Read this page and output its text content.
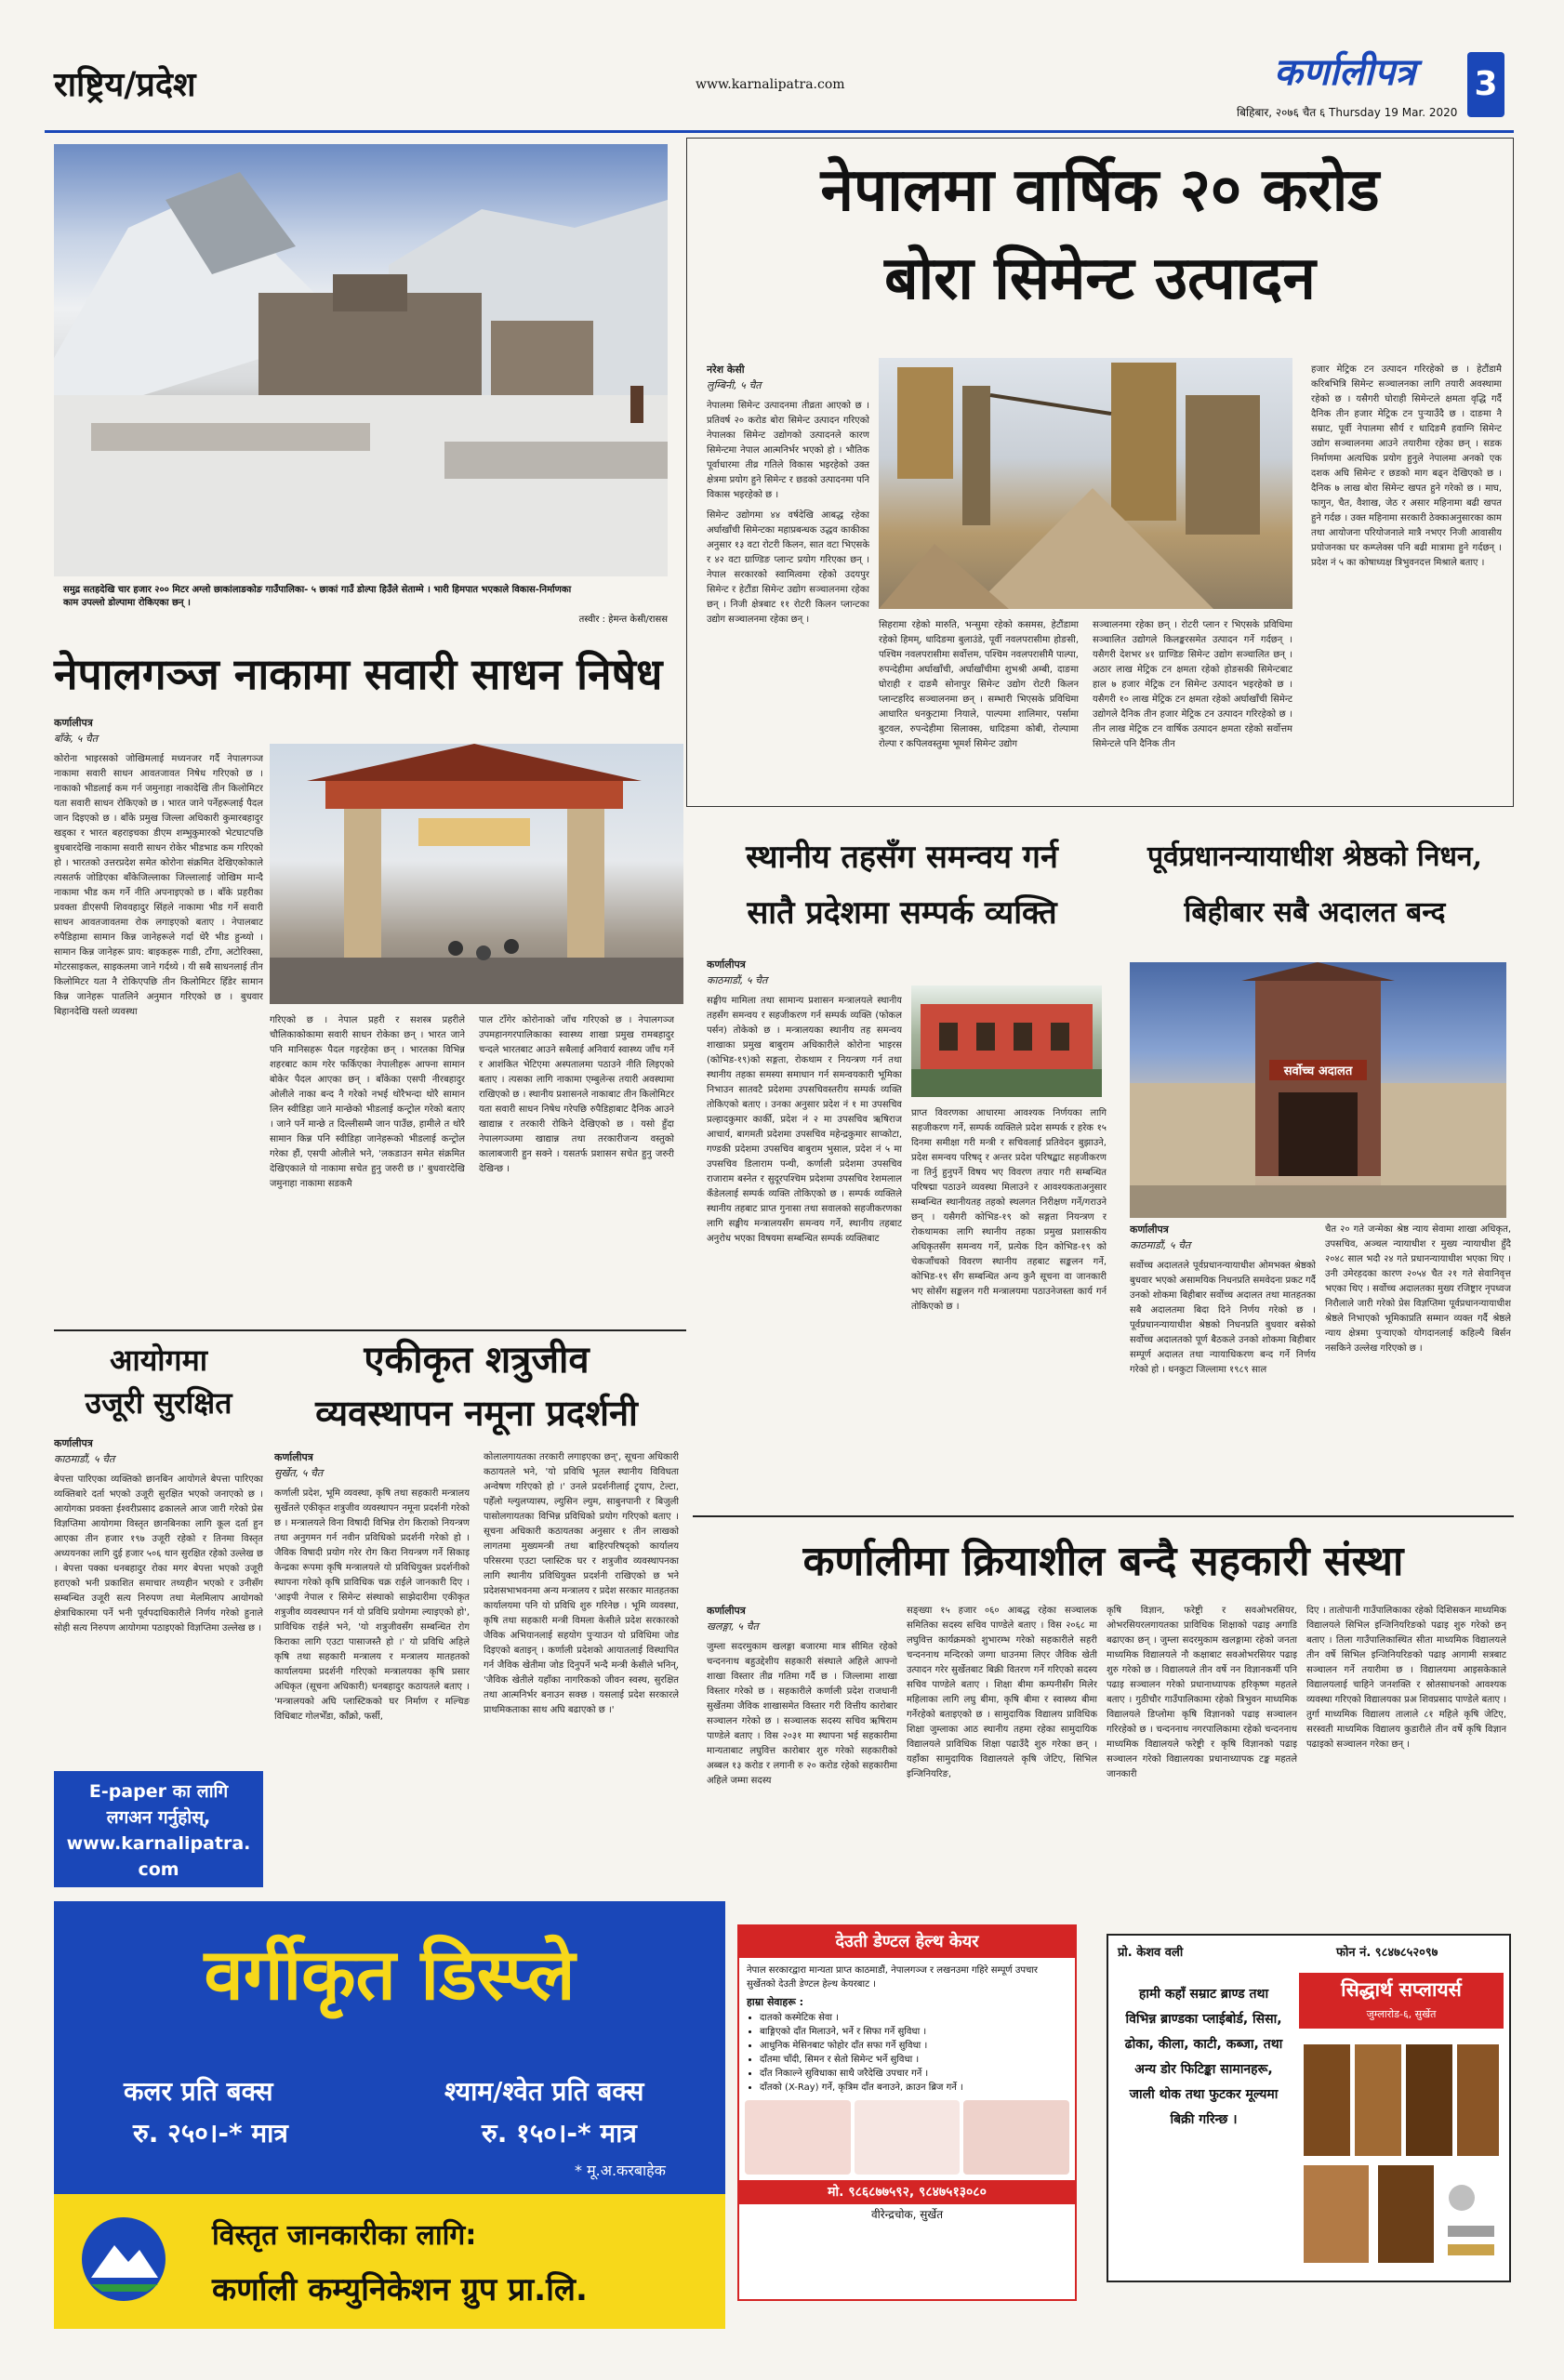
राष्ट्रिय/प्रदेश	www.karnalipatra.com	कर्णालीपत्र
बिहिबार, २०७६ चैत ६ Thursday 19 Mar. 2020
3
समुद्र सतहदेखि चार हजार २०० मिटर अग्लो छाकांलाङकोङ गाउँपालिका- ५ छाकां गाउँ डोल्पा हिउँले सेताम्मे । भारी हिमपात भएकाले विकास-निर्माणका काम उपल्लो डोल्पामा रोकिएका छन् ।
तस्वीर : हेमन्त केसी/रासस
नेपालमा वार्षिक २० करोड
बोरा सिमेन्ट उत्पादन
नरेश केसी
लुम्बिनी, ५ चैत
नेपालमा सिमेन्ट उत्पादनमा तीव्रता आएको छ । प्रतिवर्ष २० करोड बोरा सिमेन्ट उत्पादन गरिएको नेपालका सिमेन्ट उद्योगको उत्पादनले कारण सिमेन्टमा नेपाल आत्मनिर्भर भएको हो । भौतिक पूर्वाधारमा तीव्र गतिले विकास भइरहेको उक्त क्षेत्रमा प्रयोग हुने सिमेन्ट र छडको उत्पादनमा पनि विकास भइरहेको छ ।
सिमेन्ट उद्योगमा ४४ वर्षदेखि आबद्ध रहेका अर्घाखाँची सिमेन्टका महाप्रबन्धक उद्धव काकीका अनुसार १३ वटा रोटरी किलन, सात वटा भिएसके र ४२ वटा ग्राण्डिङ प्लान्ट प्रयोग गरिएका छन् । नेपाल सरकारको स्वामित्वमा रहेको उदयपुर सिमेन्ट र हेटौंडा सिमेन्ट उद्योग सञ्चालनमा रहेका छन् । निजी क्षेत्रबाट ११ रोटरी किलन प्लान्टका उद्योग सञ्चालनमा रहेका छन् ।
सिहरामा रहेको मारुति, भन्सुमा रहेको कसमस, हेटौंडामा रहेको हिमम्, धादिङमा बुलाउंडे, पूर्वी नवलपरासीमा होङसी, पश्चिम नवलपरासीमा सर्वोत्तम, पश्चिम नवलपरासीमै पाल्पा, रुपन्देहीमा अर्घाखाँची, अर्घाखाँचीमा शुभश्री अम्बी, दाङमा घोराही र दाङमै सोनापुर सिमेन्ट उद्योग रोटरी किलन प्लान्टहरिद सञ्चालनमा छन् । सम्भारी भिएसके प्रविधिमा आधारित धनकुटामा नियाले, पाल्पमा शालिमार, पर्सामा बुटवल, रुपन्देहीमा सिलाक्स, धादिङमा कोबी, रोल्पामा रोल्पा र कपिलवस्तुमा भूमर्श सिमेन्ट उद्योग
सञ्चालनमा रहेका छन् । रोटरी प्लान र भिएसके प्रविधिमा सञ्चालित उद्योगले किलङ्करसमेत उत्पादन गर्ने गर्दछन् । यसैगरी देशभर ४१ ग्राण्डिङ सिमेन्ट उद्योग सञ्चालित छन् । अठार लाख मेट्रिक टन क्षमता रहेको होङसकी सिमेन्टबाट हाल ७ हजार मेट्रिक टन सिमेन्ट उत्पादन भइरहेको छ । यसैगरी १० लाख मेट्रिक टन क्षमता रहेको अर्घाखाँची सिमेन्ट उद्योगले दैनिक तीन हजार मेट्रिक टन उत्पादन गरिरहेको छ । तीन लाख मेट्रिक टन वार्षिक उत्पादन क्षमता रहेको सर्वोत्तम सिमेन्टले पनि दैनिक तीन
हजार मेट्रिक टन उत्पादन गरिरहेको छ । हेटौंडामै करिबभित्रि सिमेन्ट सञ्चालनका लागि तयारी अवस्थामा रहेको छ । यसैगरी घोराही सिमेन्टले क्षमता वृद्धि गर्दै दैनिक तीन हजार मेट्रिक टन पुऱ्याउँदै छ । दाङमा नै सम्राट, पूर्वी नेपालमा सौर्य र धादिङमै हवाग्नि सिमेन्ट उद्योग सञ्चालनमा आउने तयारीमा रहेका छन् । सडक निर्माणमा अत्यधिक प्रयोग हुनुले नेपालमा अनको एक दशक अघि सिमेन्ट र छडको माग बढ्न देखिएको छ । दैनिक ७ लाख बोरा सिमेन्ट खपत हुने गरेको छ । माघ, फागुन, चैत, वैशाख, जेठ र असार महिनामा बढी खपत हुने गर्दछ । उक्त महिनामा सरकारी ठेक्काअनुसारका काम तथा आयोजना परियोजनाले मात्रै नभएर निजी आवासीय प्रयोजनका घर कम्प्लेक्स पनि बढी मात्रामा हुने गर्दछन् । प्रदेश नं ५ का कोषाध्यक्ष त्रिभुवनदत्त मिश्राले बताए ।
नेपालगञ्ज नाकामा सवारी साधन निषेध
कर्णालीपत्र
बाँके, ५ चैत
कोरोना भाइरसको जोखिमलाई मध्यनजर गर्दै नेपालगञ्ज नाकामा सवारी साधन आवतजावत निषेध गरिएको छ । नाकाको भीडलाई कम गर्न जमुनाहा नाकादेखि तीन किलोमिटर यता सवारी साधन रोकिएको छ । भारत जाने पर्नेहरूलाई पैदल जान दिइएको छ । बाँके प्रमुख जिल्ला अधिकारी कुमारबहादुर खड्का र भारत बहराइचका डीएम शम्भुकुमारको भेटघाटपछि बुधबारदेखि नाकामा सवारी साधन रोकेर भीडभाड कम गरिएको हो । भारतको उत्तरप्रदेश समेत कोरोना संक्रमित देखिएकोकाले त्यसतर्फ जोडिएका बाँकेजिल्लाका जिल्लालाई जोखिम मान्दै नाकामा भीड कम गर्ने नीति अपनाइएको छ । बाँके प्रहरीका प्रवक्ता डीएसपी शिववहादुर सिंहले नाकामा भीड गर्ने सवारी साधन आवतजावतमा रोक लगाइएको बताए । नेपालबाट रुपैडिहामा सामान किन्न जानेहरूले गर्दा धेरै भीड हुन्थ्यो । सामान किन्न जानेहरू प्राय: बाइकहरू गाडी, टाँगा, अटोरिक्सा, मोटरसाइकल, साइकलमा जाने गर्दथ्ये । यी सबै साधनलाई तीन किलोमिटर यता नै रोकिएपछि तीन किलोमिटर हिँडेर सामान किन्न जानेहरू पातलिने अनुमान गरिएको छ । बुधवार बिहानदेखि यस्तो व्यवस्था
गरिएको छ । नेपाल प्रहरी र सशस्त्र प्रहरीले चौलिकाकोकामा सवारी साधन रोकेका छन् । भारत जाने पनि मानिसहरू पैदल गइरहेका छन् । भारतका विभिन्न शहरबाट काम गरेर फर्किएका नेपालीहरू आफ्ना सामान बोकेर पैदल आएका छन् । बाँकेका एसपी नीरबहादुर ओलीले नाका बन्द नै गरेको नभई थोरैभन्दा थोरै सामान लिन स्वीडिहा जाने मान्छेको भीडलाई कन्ट्रोल गरेको बताए । जाने पर्ने मान्छे त दिल्लीसम्मै जान पाउँछ, हामीले त थोरै सामान किन्न पनि स्वीडिहा जानेहरूको भीडलाई कन्ट्रोल गरेका हौं, एसपी ओलीले भने, 'लकडाउन समेत संक्रमित देखिएकाले यो नाकामा सचेत हुनु जरुरी छ ।' बुधवारदेखि जमुनाहा नाकामा सडकमै
पाल टाँगेर कोरोनाको जाँच गरिएको छ । नेपालगञ्ज उपमहानगरपालिकाका स्वास्थ्य शाखा प्रमुख रामबहादुर चन्दले भारतबाट आउने सबैलाई अनिवार्य स्वास्थ्य जाँच गर्ने र आशंकित भेटिएमा अस्पतालमा पठाउने नीति लिइएको बताए । त्यसका लागि नाकामा एम्बुलेन्स तयारी अवस्थामा राखिएको छ । स्थानीय प्रशासनले नाकाबाट तीन किलोमिटर यता सवारी साधन निषेध गरेपछि रुपैडिहाबाट दैनिक आउने खाद्यान्न र तरकारी रोकिने देखिएको छ । यसो हुँदा नेपालगञ्जमा खाद्यान्न तथा तरकारीजन्य वस्तुको कालाबजारी हुन सक्ने । यसतर्फ प्रशासन सचेत हुनु जरुरी देखिन्छ ।
स्थानीय तहसँग समन्वय गर्न
सातै प्रदेशमा सम्पर्क व्यक्ति
कर्णालीपत्र
काठमाडौं, ५ चैत
सङ्घीय मामिला तथा सामान्य प्रशासन मन्त्रालयले स्थानीय तहसँग समन्वय र सहजीकरण गर्न सम्पर्क व्यक्ति (फोकल पर्सन) तोकेको छ । मन्त्रालयका स्थानीय तह समन्वय शाखाका प्रमुख बाबुराम अधिकारीले कोरोना भाइरस (कोभिड-१९)को सङ्गता, रोकथाम र नियन्त्रण गर्न तथा स्थानीय तहका समस्या समाधान गर्न समन्वयकारी भूमिका निभाउन सातवटै प्रदेशमा उपसचिवस्तरीय सम्पर्क व्यक्ति तोकिएको बताए । उनका अनुसार प्रदेश नं १ मा उपसचिव प्रल्हादकुमार कार्की, प्रदेश नं २ मा उपसचिव ऋषिराज आचार्य, बागमती प्रदेशमा उपसचिव महेन्द्रकुमार साप्कोटा, गण्डकी प्रदेशमा उपसचिव बाबुराम भुसाल, प्रदेश नं ५ मा उपसचिव डिलाराम पन्थी, कर्णाली प्रदेशमा उपसचिव राजाराम बस्नेत र सुदूरपश्चिम प्रदेशमा उपसचिव रेशमलाल कँडेललाई सम्पर्क व्यक्ति तोकिएको छ । सम्पर्क व्यक्तिले स्थानीय तहबाट प्राप्त गुनासा तथा सवालको सहजीकरणका लागि सङ्घीय मन्त्रालयसँग समन्वय गर्ने, स्थानीय तहबाट अनुरोध भएका विषयमा सम्बन्धित सम्पर्क व्यक्तिबाट
प्राप्त विवरणका आधारमा आवश्यक निर्णयका लागि सहजीकरण गर्ने, सम्पर्क व्यक्तिले प्रदेश सम्पर्क र हरेक १५ दिनमा समीक्षा गरी मन्त्री र सचिवलाई प्रतिवेदन बुझाउने, प्रदेश समन्वय परिषद् र अन्तर प्रदेश परिषद्बाट सहजीकरण ना तिर्नु हुनुपर्ने विषय भए विवरण तयार गरी सम्बन्धित परिषद्मा पठाउने व्यवस्था मिलाउने र आवश्यकताअनुसार सम्बन्धित स्थानीयतह तहको स्थलगत निरीक्षण गर्ने/गराउने छन् । यसैगरी कोभिड-१९ को सङ्गता नियन्त्रण र रोकथामका लागि स्थानीय तहका प्रमुख प्रशासकीय अधिकृतसँग समन्वय गर्ने, प्रत्येक दिन कोभिड-१९ को चेकजाँचको विवरण स्थानीय तहबाट सङ्कलन गर्ने, कोभिड-१९ सँग सम्बन्धित अन्य कुनै सूचना वा जानकारी भए सोसँग सङ्कलन गरी मन्त्रालयमा पठाउनेजस्ता कार्य गर्न तोकिएको छ ।
पूर्वप्रधानन्यायाधीश श्रेष्ठको निधन,
बिहीबार सबै अदालत बन्द
सर्वोच्च अदालत
कर्णालीपत्र
काठमाडौं, ५ चैत
सर्वोच्च अदालतले पूर्वप्रधानन्यायाधीश ओमभक्त श्रेष्ठको बुधवार भएको असामयिक निधनप्रति समवेदना प्रकट गर्दै उनको शोकमा बिहीबार सर्वोच्च अदालत तथा मातहतका सबै अदालतमा बिदा दिने निर्णय गरेको छ । पूर्वप्रधानन्यायाधीश श्रेष्ठको निधनप्रति बुधवार बसेको सर्वोच्च अदालतको पूर्ण बैठकले उनको शोकमा बिहीबार सम्पूर्ण अदालत तथा न्यायाधिकरण बन्द गर्ने निर्णय गरेको हो । धनकुटा जिल्लामा १९८९ साल
चैत २० गते जन्मेका श्रेष्ठ न्याय सेवामा शाखा अधिकृत, उपसचिव, अञ्चल न्यायाधीश र मुख्य न्यायाधीश हुँदै २०४८ साल भदौ २४ गते प्रधानन्यायाधीश भएका थिए । उनी उमेरहदका कारण २०५४ चैत २१ गते सेवानिवृत्त भएका थिए । सर्वोच्च अदालतका मुख्य रजिष्ट्रार नृपध्वज निरौलाले जारी गरेको प्रेस विज्ञप्तिमा पूर्वप्रधानन्यायाधीश श्रेष्ठले निभाएको भूमिकाप्रति सम्मान व्यक्त गर्दै श्रेष्ठले न्याय क्षेत्रमा पुऱ्याएको योगदानलाई कहिल्यै बिर्सन नसकिने उल्लेख गरिएको छ ।
आयोगमा
उजूरी सुरक्षित
कर्णालीपत्र
काठमाडौं, ५ चैत
बेपत्ता पारिएका व्यक्तिको छानबिन आयोगले बेपत्ता पारिएका व्यक्तिबारे दर्ता भएको उजूरी सुरक्षित भएको जनाएको छ । आयोगका प्रवक्ता ईश्वरीप्रसाद ढकालले आज जारी गरेको प्रेस विज्ञप्तिमा आयोगमा विस्तृत छानबिनका लागि कूल दर्ता हुन आएका तीन हजार १९७ उजूरी रहेको र तिनमा विस्तृत अध्ययनका लागि दुई हजार ५०६ थान सुरक्षित रहेको उल्लेख छ । बेपत्ता पक्का धनबहादुर रोका मगर बेपत्ता भएको उजूरी हराएको भनी प्रकाशित समाचार तथ्यहीन भएको र उनीसँग सम्बन्धित उजूरी सत्य निरुपण तथा मेलमिलाप आयोगको क्षेत्राधिकारमा पर्ने भनी पूर्वपदाधिकारीले निर्णय गरेको हुनाले सोही सत्य निरुपण आयोगमा पठाइएको विज्ञप्तिमा उल्लेख छ ।
E-paper का लागि
लगअन गर्नुहोस्,
www.karnalipatra.
com
एकीकृत शत्रुजीव
व्यवस्थापन नमूना प्रदर्शनी
कर्णालीपत्र
सुर्खेत, ५ चैत
कर्णाली प्रदेश, भूमि व्यवस्था, कृषि तथा सहकारी मन्त्रालय सुर्खेतले एकीकृत शत्रुजीव व्यवस्थापन नमूना प्रदर्शनी गरेको छ । मन्त्रालयले विना विषादी विभिन्न रोग किराको नियन्त्रण तथा अनुगमन गर्न नवीन प्रविधिको प्रदर्शनी गरेको हो । जैविक विषादी प्रयोग गरेर रोग किरा नियन्त्रण गर्ने सिकाइ केन्द्रका रूपमा कृषि मन्त्रालयले यो प्रविधियुक्त प्रदर्शनीको स्थापना गरेको कृषि प्राविधिक चक्र राईले जानकारी दिए । 'आइपी नेपाल र सिमेन्ट संस्थाको साझेदारीमा एकीकृत शत्रुजीव व्यवस्थापन गर्न यो प्रविधि प्रयोगमा ल्याइएको हो', प्राविधिक राईले भने, 'यो शत्रुजीवसँग सम्बन्धित रोग किराका लागि एउटा पासाजस्तै हो ।' यो प्रविधि अहिले कृषि तथा सहकारी मन्त्रालय र मन्त्रालय मातहतको कार्यालयमा प्रदर्शनी गरिएको मन्त्रालयका कृषि प्रसार अधिकृत (सूचना अधिकारी) धनबहादुर कठायतले बताए । 'मन्त्रालयको अघि प्लास्टिकको घर निर्माण र मल्चिङ विधिबाट गोलभेँडा, काँक्रो, फर्सी,
कोलालगायतका तरकारी लगाइएका छन्', सूचना अधिकारी कठायतले भने, 'यो प्रविधि भूतल स्थानीय विविधता अन्वेषण गरिएको हो ।' उनले प्रदर्शनीलाई ट्र्याप, टेल्टा, पहेँलो ग्ल्युलप्यास्प, ल्युसिन ल्युम, साबुनपानी र बिजुली पासोलगायतका विभिन्न प्रविधिको प्रयोग गरिएको बताए । सूचना अधिकारी कठायतका अनुसार १ तीन लाखको लागतमा मुख्यमन्त्री तथा बाहिरपरिषद्को कार्यालय परिसरमा एउटा प्लास्टिक घर र शत्रुजीव व्यवस्थापनका लागि स्थानीय प्रविधियुक्त प्रदर्शनी राखिएको छ भने प्रदेशसभाभवनमा अन्य मन्त्रालय र प्रदेश सरकार मातहतका कार्यालयमा पनि यो प्रविधि शुरु गरिनेछ । भूमि व्यवस्था, कृषि तथा सहकारी मन्त्री विमला केसीले प्रदेश सरकारको जैविक अभियानलाई सहयोग पुऱ्याउन यो प्रविधिमा जोड दिइएको बताइन् । कर्णाली प्रदेशको आयातलाई विस्थापित गर्न जैविक खेतीमा जोड दिनुपर्ने भन्दै मन्त्री केसीले भनिन्, 'जैविक खेतीले यहाँका नागरिकको जीवन स्वस्थ, सुरक्षित तथा आत्मनिर्भर बनाउन सक्छ । यसलाई प्रदेश सरकारले प्राथमिकताका साथ अघि बढाएको छ ।'
कर्णालीमा क्रियाशील बन्दै सहकारी संस्था
कर्णालीपत्र
खलङ्गा, ५ चैत
जुम्ला सदरमुकाम खलङ्गा बजारमा मात्र सीमित रहेको चन्दननाथ बहुउद्देशीय सहकारी संस्थाले अहिले आफ्नो शाखा विस्तार तीव्र गतिमा गर्दै छ । जिल्लामा शाखा विस्तार गरेको छ । सहकारीले कर्णाली प्रदेश राजधानी सुर्खेतमा जैविक शाखासमेत विस्तार गरी वित्तीय कारोबार सञ्चालन गरेको छ । सञ्चालक सदस्य सचिव ऋषिराम पाण्डेले बताए । विस २०३१ मा स्थापना भई सहकारीमा मान्यताबाट लघुवित्त कारोबार शुरु गरेको सहकारीको अब्बल १३ करोड र लगानी रु २० करोड रहेको सहकारीमा अहिले जम्मा सदस्य
सङ्ख्या १५ हजार ०६० आबद्ध रहेका सञ्चालक समितिका सदस्य सचिव पाण्डेले बताए । विस २०६८ मा लघुवित्त कार्यक्रमको शुभारम्भ गरेको सहकारीले सहरी चन्दननाथ मन्दिरको जग्गा धाउनमा लिएर जैविक खेती उत्पादन गरेर सुर्खेतबाट बिक्री वितरण गर्ने गरिएको सदस्य सचिव पाण्डेले बताए । शिक्षा बीमा कम्पनीसँग मिलेर महिलाका लागि लघु बीमा, कृषि बीमा र स्वास्थ्य बीमा गर्नेरहेको बताइएको छ । सामुदायिक विद्यालय प्राविधिक शिक्षा जुम्लाका आठ स्थानीय तहमा रहेका सामुदायिक विद्यालयले प्राविधिक शिक्षा पढाउँदै शुरु गरेका छन् । यहाँका सामुदायिक विद्यालयले कृषि जेटिए, सिभिल इन्जिनियरिङ,
कृषि विज्ञान, फरेष्ट्री र सवओभरसियर, ओभरसियरलगायतका प्राविधिक शिक्षाको पढाइ अगाडि बढाएका छन् । जुम्ला सदरमुकाम खलङ्गामा रहेको जनता माध्यमिक विद्यालयले नौ कक्षाबाट सवओभरसियर पढाइ शुरु गरेको छ । विद्यालयले तीन वर्षे नन विज्ञानकर्मी पनि पढाइ सञ्चालन गरेको प्रधानाध्यापक हरिकृष्ण महतले बताए । गुठीचौर गाउँपालिकामा रहेको त्रिभुवन माध्यमिक विद्यालयले डिप्लोमा कृषि विज्ञानको पढाइ सञ्चालन गरिरहेको छ । चन्दननाथ नगरपालिकामा रहेको चन्दननाथ माध्यमिक विद्यालयले फरेष्ट्री र कृषि विज्ञानको पढाइ सञ्चालन गरेको विद्यालयका प्रधानाध्यापक टङ्क महतले जानकारी
दिए । तातोपानी गाउँपालिकाका रहेको दिशिसकन माध्यमिक विद्यालयले सिभिल इन्जिनियरिङको पढाइ शुरु गरेको छन् बताए । तिला गाउँपालिकास्थित सीता माध्यमिक विद्यालयले तीन वर्षे सिभिल इन्जिनियरिङको पढाइ आगामी सत्रबाट सञ्चालन गर्ने तयारीमा छ । विद्यालयमा आइसकेकाले विद्यालयलाई चाहिने जनशक्ति र स्रोतसाधनको आवश्यक व्यवस्था गरिएको विद्यालयका प्रअ शिवप्रसाद पाण्डेले बताए । तुर्गा माध्यमिक विद्यालय तालाले ८१ महिले कृषि जेटिए, सरस्वती माध्यमिक विद्यालय कुडारीले तीन वर्षे कृषि विज्ञान पढाइको सञ्चालन गरेका छन् ।
वर्गीकृत डिस्प्ले
कलर प्रति बक्स
रु. २५०।-* मात्र
श्याम/श्वेत प्रति बक्स
रु. १५०।-* मात्र
* मू.अ.करबाहेक
विस्तृत जानकारीका लागि:
कर्णाली कम्युनिकेशन ग्रुप प्रा.लि.
देउती डेण्टल हेल्थ केयर
नेपाल सरकारद्वारा मान्यता प्राप्त काठमाडौं, नेपालगञ्ज र लखनउमा गहिरे सम्पूर्ण उपचार सुर्खेतको देउती डेण्टल हेल्थ केयरबाट ।
हाम्रा सेवाहरू :
• दातको कस्मेटिक सेवा ।
• बाङ्गिएको दाँत मिलाउने, भर्ने र सिफा गर्ने सुविधा ।
• आधुनिक मेसिनबाट फोहोर दाँत सफा गर्ने सुविधा ।
• दाँतमा चाँदी, सिमन र सेतो सिमेन्ट भर्ने सुविधा ।
• दाँत निकाल्ने सुविधाका साथै जरैदेखि उपचार गर्ने ।
• दाँतको (X-Ray) गर्ने, कृत्रिम दाँत बनाउने, क्राउन ब्रिज गर्ने ।
मो. ९८६८७७५९२, ९८४७५१३०८०
वीरेन्द्रचोक, सुर्खेत
प्रो. केशव वली	फोन नं. ९८४७८५२०९७
हामी कहाँ सम्राट ब्राण्ड तथा
विभिन्न ब्राण्डका प्लाईबोर्ड, सिसा,
ढोका, कीला, काटी, कब्जा, तथा
अन्य डोर फिटिङ्का सामानहरू,
जाली थोक तथा फुटकर मूल्यमा
बिक्री गरिन्छ ।
सिद्धार्थ सप्लायर्स
जुम्लारोड-६, सुर्खेत
